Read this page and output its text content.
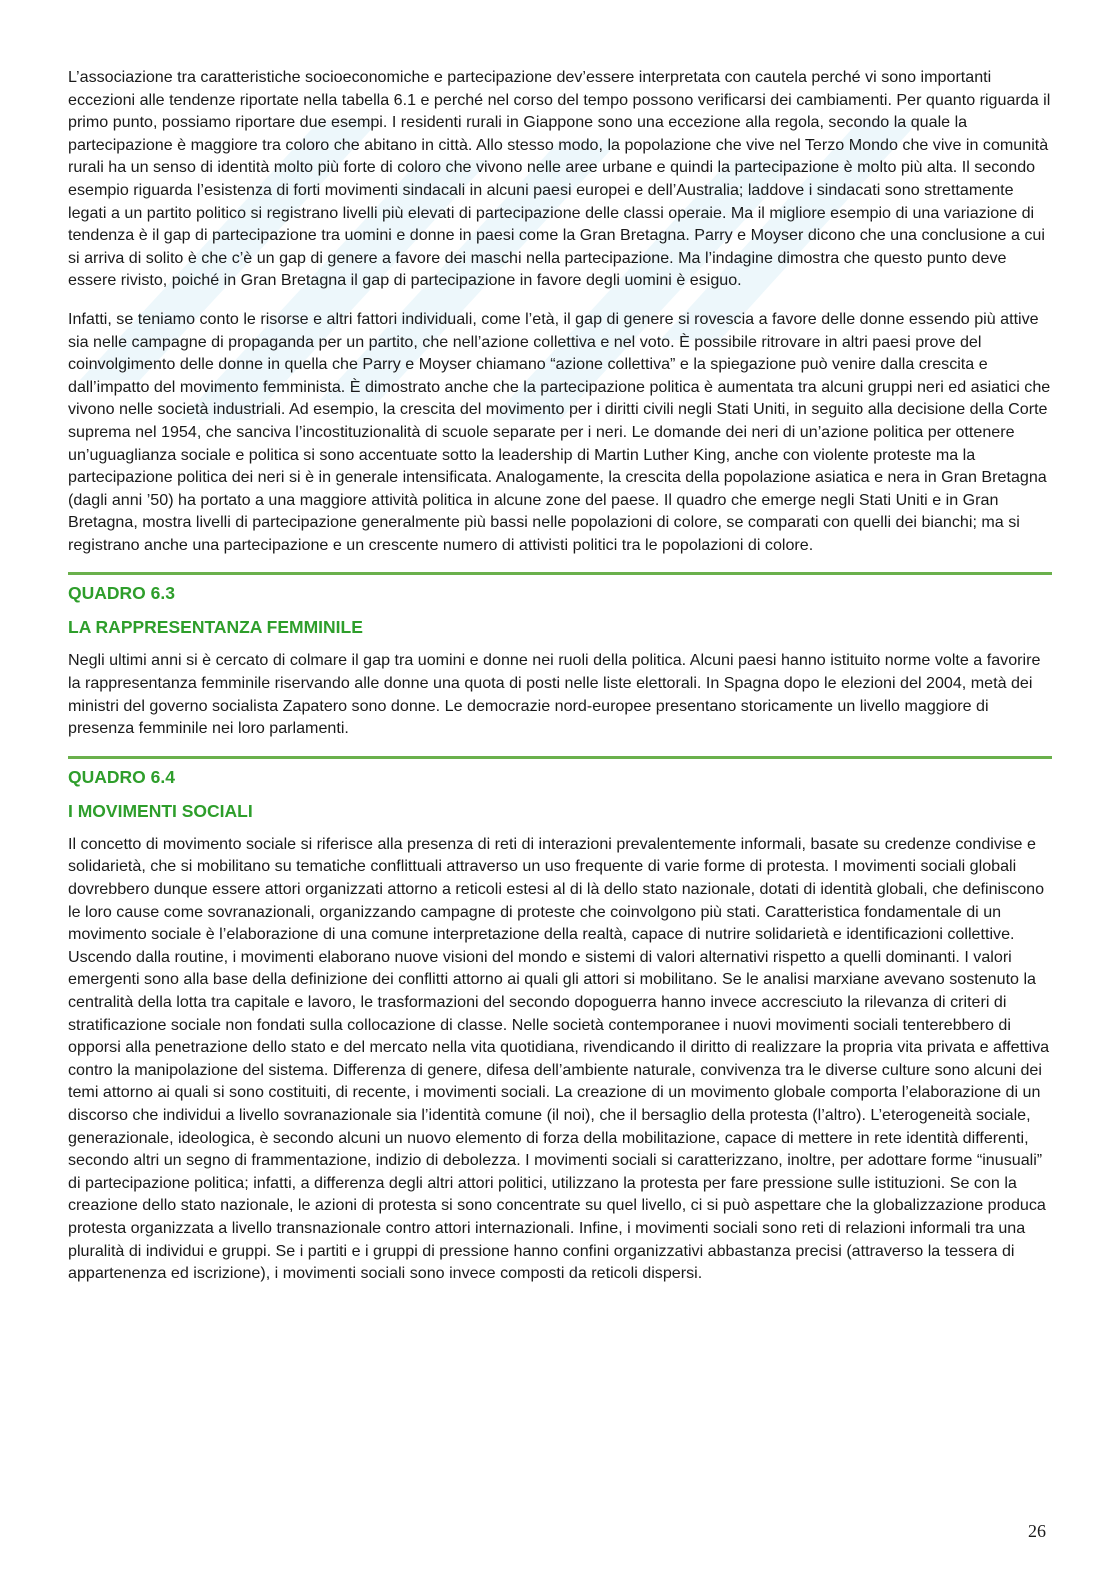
L’associazione tra caratteristiche socioeconomiche e partecipazione dev’essere interpretata con cautela perché vi sono importanti eccezioni alle tendenze riportate nella tabella 6.1 e perché nel corso del tempo possono verificarsi dei cambiamenti. Per quanto riguarda il primo punto, possiamo riportare due esempi. I residenti rurali in Giappone sono una eccezione alla regola, secondo la quale la partecipazione è maggiore tra coloro che abitano in città. Allo stesso modo, la popolazione che vive nel Terzo Mondo che vive in comunità rurali ha un senso di identità molto più forte di coloro che vivono nelle aree urbane e quindi la partecipazione è molto più alta. Il secondo esempio riguarda l’esistenza di forti movimenti sindacali in alcuni paesi europei e dell’Australia; laddove i sindacati sono strettamente legati a un partito politico si registrano livelli più elevati di partecipazione delle classi operaie. Ma il migliore esempio di una variazione di tendenza è il gap di partecipazione tra uomini e donne in paesi come la Gran Bretagna. Parry e Moyser dicono che una conclusione a cui si arriva di solito è che c’è un gap di genere a favore dei maschi nella partecipazione. Ma l’indagine dimostra che questo punto deve essere rivisto, poiché in Gran Bretagna il gap di partecipazione in favore degli uomini è esiguo.

Infatti, se teniamo conto le risorse e altri fattori individuali, come l’età, il gap di genere si rovescia a favore delle donne essendo più attive sia nelle campagne di propaganda per un partito, che nell’azione collettiva e nel voto. È possibile ritrovare in altri paesi prove del coinvolgimento delle donne in quella che Parry e Moyser chiamano “azione collettiva” e la spiegazione può venire dalla crescita e dall’impatto del movimento femminista. È dimostrato anche che la partecipazione politica è aumentata tra alcuni gruppi neri ed asiatici che vivono nelle società industriali. Ad esempio, la crescita del movimento per i diritti civili negli Stati Uniti, in seguito alla decisione della Corte suprema nel 1954, che sanciva l’incostituzionalità di scuole separate per i neri. Le domande dei neri di un’azione politica per ottenere un’uguaglianza sociale e politica si sono accentuate sotto la leadership di Martin Luther King, anche con violente proteste ma la partecipazione politica dei neri si è in generale intensificata. Analogamente, la crescita della popolazione asiatica e nera in Gran Bretagna (dagli anni ’50) ha portato a una maggiore attività politica in alcune zone del paese. Il quadro che emerge negli Stati Uniti e in Gran Bretagna, mostra livelli di partecipazione generalmente più bassi nelle popolazioni di colore, se comparati con quelli dei bianchi; ma si registrano anche una partecipazione e un crescente numero di attivisti politici tra le popolazioni di colore.

QUADRO 6.3
LA RAPPRESENTANZA FEMMINILE

Negli ultimi anni si è cercato di colmare il gap tra uomini e donne nei ruoli della politica. Alcuni paesi hanno istituito norme volte a favorire la rappresentanza femminile riservando alle donne una quota di posti nelle liste elettorali. In Spagna dopo le elezioni del 2004, metà dei ministri del governo socialista Zapatero sono donne. Le democrazie nord-europee presentano storicamente un livello maggiore di presenza femminile nei loro parlamenti.

QUADRO 6.4
I MOVIMENTI SOCIALI

Il concetto di movimento sociale si riferisce alla presenza di reti di interazioni prevalentemente informali, basate su credenze condivise e solidarietà, che si mobilitano su tematiche conflittuali attraverso un uso frequente di varie forme di protesta. I movimenti sociali globali dovrebbero dunque essere attori organizzati attorno a reticoli estesi al di là dello stato nazionale, dotati di identità globali, che definiscono le loro cause come sovranazionali, organizzando campagne di proteste che coinvolgono più stati. Caratteristica fondamentale di un movimento sociale è l’elaborazione di una comune interpretazione della realtà, capace di nutrire solidarietà e identificazioni collettive. Uscendo dalla routine, i movimenti elaborano nuove visioni del mondo e sistemi di valori alternativi rispetto a quelli dominanti. I valori emergenti sono alla base della definizione dei conflitti attorno ai quali gli attori si mobilitano. Se le analisi marxiane avevano sostenuto la centralità della lotta tra capitale e lavoro, le trasformazioni del secondo dopoguerra hanno invece accresciuto la rilevanza di criteri di stratificazione sociale non fondati sulla collocazione di classe. Nelle società contemporanee i nuovi movimenti sociali tenterebbero di opporsi alla penetrazione dello stato e del mercato nella vita quotidiana, rivendicando il diritto di realizzare la propria vita privata e affettiva contro la manipolazione del sistema. Differenza di genere, difesa dell’ambiente naturale, convivenza tra le diverse culture sono alcuni dei temi attorno ai quali si sono costituiti, di recente, i movimenti sociali. La creazione di un movimento globale comporta l’elaborazione di un discorso che individui a livello sovranazionale sia l’identità comune (il noi), che il bersaglio della protesta (l’altro). L’eterogeneità sociale, generazionale, ideologica, è secondo alcuni un nuovo elemento di forza della mobilitazione, capace di mettere in rete identità differenti, secondo altri un segno di frammentazione, indizio di debolezza. I movimenti sociali si caratterizzano, inoltre, per adottare forme “inusuali” di partecipazione politica; infatti, a differenza degli altri attori politici, utilizzano la protesta per fare pressione sulle istituzioni. Se con la creazione dello stato nazionale, le azioni di protesta si sono concentrate su quel livello, ci si può aspettare che la globalizzazione produca protesta organizzata a livello transnazionale contro attori internazionali. Infine, i movimenti sociali sono reti di relazioni informali tra una pluralità di individui e gruppi. Se i partiti e i gruppi di pressione hanno confini organizzativi abbastanza precisi (attraverso la tessera di appartenenza ed iscrizione), i movimenti sociali sono invece composti da reticoli dispersi.

26
